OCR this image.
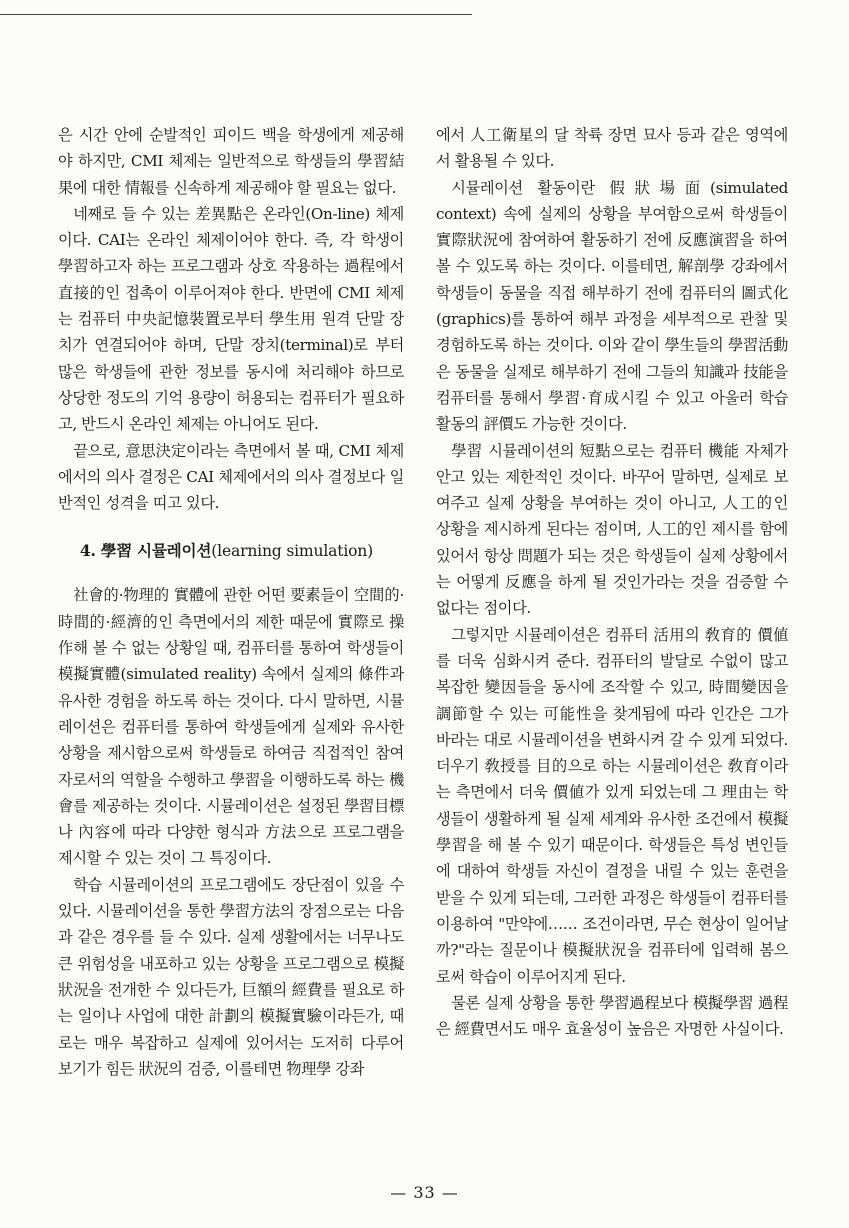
은 시간 안에 순발적인 피이드 백을 학생에게 제공해야 하지만, CMI 체제는 일반적으로 학생들의 學習結果에 대한 情報를 신속하게 제공해야 할 필요는 없다.

네째로 들 수 있는 差異點은 온라인(On-line) 체제이다. CAI는 온라인 체제이어야 한다. 즉, 각 학생이 學習하고자 하는 프로그램과 상호 작용하는 過程에서 直接的인 접촉이 이루어져야 한다. 반면에 CMI 체제는 컴퓨터 中央記憶裝置로부터 學生用 원격 단말 장치가 연결되어야 하며, 단말 장치(terminal)로 부터 많은 학생들에 관한 정보를 동시에 처리해야 하므로 상당한 정도의 기억 용량이 허용되는 컴퓨터가 필요하고, 반드시 온라인 체제는 아니어도 된다.

끝으로, 意思決定이라는 측면에서 볼 때, CMI 체제에서의 의사 결정은 CAI 체제에서의 의사 결정보다 일반적인 성격을 띠고 있다.

4. 學習 시뮬레이션(learning simulation)

社會的·物理的 實體에 관한 어떤 要素들이 空間的·時間的·經濟的인 측면에서의 제한 때문에 實際로 操作해 볼 수 없는 상황일 때, 컴퓨터를 통하여 학생들이 模擬實體(simulated reality) 속에서 실제의 條件과 유사한 경험을 하도록 하는 것이다. 다시 말하면, 시뮬레이션은 컴퓨터를 통하여 학생들에게 실제와 유사한 상황을 제시함으로써 학생들로 하여금 직접적인 참여자로서의 역할을 수행하고 學習을 이행하도록 하는 機會를 제공하는 것이다. 시뮬레이션은 설정된 學習目標나 內容에 따라 다양한 형식과 方法으로 프로그램을 제시할 수 있는 것이 그 특징이다.

학습 시뮬레이션의 프로그램에도 장단점이 있을 수 있다. 시뮬레이션을 통한 學習方法의 장점으로는 다음과 같은 경우를 들 수 있다. 실제 생활에서는 너무나도 큰 위험성을 내포하고 있는 상황을 프로그램으로 模擬狀況을 전개한 수 있다든가, 巨額의 經費를 필요로 하는 일이나 사업에 대한 計劃의 模擬實驗이라든가, 때로는 매우 복잡하고 실제에 있어서는 도저히 다루어 보기가 힘든 狀況의 검증, 이를테면 物理學 강좌

에서 人工衛星의 달 착륙 장면 묘사 등과 같은 영역에서 활용될 수 있다.

시뮬레이션 활동이란 假狀場面(simulated context) 속에 실제의 상황을 부여함으로써 학생들이 實際狀況에 참여하여 활동하기 전에 反應演習을 하여 볼 수 있도록 하는 것이다. 이를테면, 解剖學 강좌에서 학생들이 동물을 직접 해부하기 전에 컴퓨터의 圖式化(graphics)를 통하여 해부 과정을 세부적으로 관찰 및 경험하도록 하는 것이다. 이와 같이 學生들의 學習活動은 동물을 실제로 해부하기 전에 그들의 知識과 技能을 컴퓨터를 통해서 學習·育成시킬 수 있고 아울러 학습 활동의 評價도 가능한 것이다.

學習 시뮬레이션의 短點으로는 컴퓨터 機能 자체가 안고 있는 제한적인 것이다. 바꾸어 말하면, 실제로 보여주고 실제 상황을 부여하는 것이 아니고, 人工的인 상황을 제시하게 된다는 점이며, 人工的인 제시를 함에 있어서 항상 問題가 되는 것은 학생들이 실제 상황에서는 어떻게 反應을 하게 될 것인가라는 것을 검증할 수 없다는 점이다.

그렇지만 시뮬레이션은 컴퓨터 活用의 敎育的 價値를 더욱 심화시켜 준다. 컴퓨터의 발달로 수없이 많고 복잡한 變因들을 동시에 조작할 수 있고, 時間變因을 調節할 수 있는 可能性을 찾게됨에 따라 인간은 그가 바라는 대로 시뮬레이션을 변화시켜 갈 수 있게 되었다. 더우기 敎授를 目的으로 하는 시뮬레이션은 敎育이라는 측면에서 더욱 價値가 있게 되었는데 그 理由는 학생들이 생활하게 될 실제 세계와 유사한 조건에서 模擬學習을 해 볼 수 있기 때문이다. 학생들은 특성 변인들에 대하여 학생들 자신이 결정을 내릴 수 있는 훈련을 받을 수 있게 되는데, 그러한 과정은 학생들이 컴퓨터를 이용하여 "만약에…… 조건이라면, 무슨 현상이 일어날까?"라는 질문이나 模擬狀況을 컴퓨터에 입력해 봄으로써 학습이 이루어지게 된다.

물론 실제 상황을 통한 學習過程보다 模擬學習 過程은 經費면서도 매우 효율성이 높음은 자명한 사실이다.

— 33 —
